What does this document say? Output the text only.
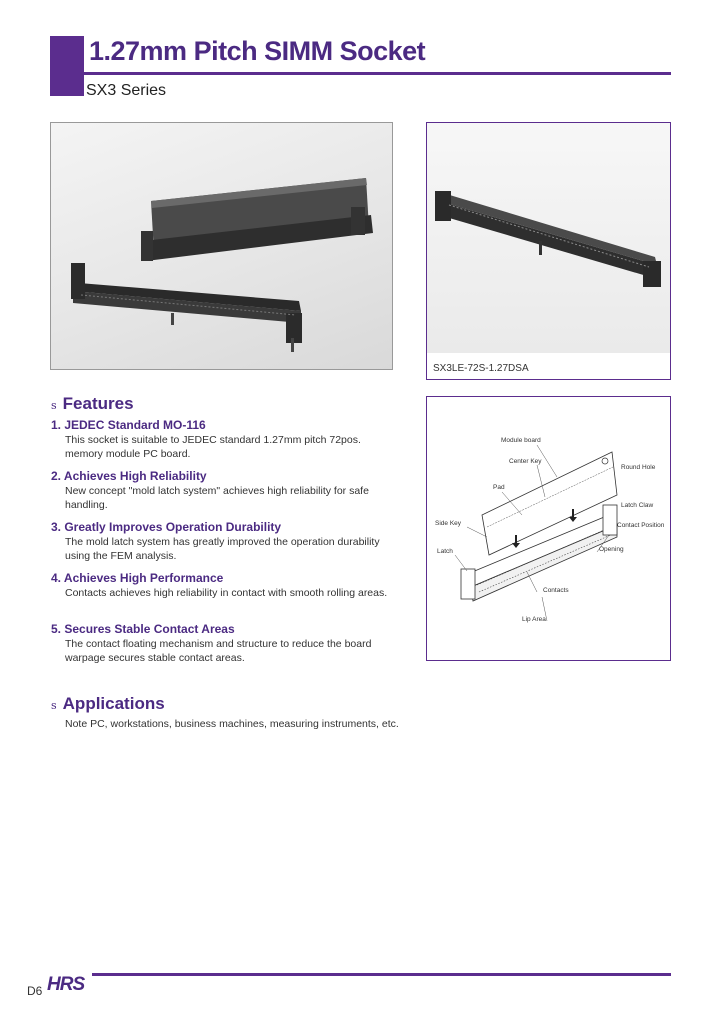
1.27mm Pitch SIMM Socket
SX3 Series
SX3LE-72S-1.27DSA
Module board
Center Key
Round Hole
Pad
Latch Claw
Side Key	Contact Position
Latch	Opening
Contacts
Lip Area
s Features
1. JEDEC Standard MO-116
This socket is suitable to JEDEC standard 1.27mm pitch 72pos. memory module PC board.
2. Achieves High Reliability
New concept "mold latch system" achieves high reliability for safe handling.
3. Greatly Improves Operation Durability
The mold latch system has greatly improved the operation durability using the FEM analysis.
4. Achieves High Performance
Contacts achieves high reliability in contact with smooth rolling areas.
5. Secures Stable Contact Areas
The contact floating mechanism and structure to reduce the board warpage secures stable contact areas.
s Applications
Note PC, workstations, business machines, measuring instruments, etc.
D6 HRS
